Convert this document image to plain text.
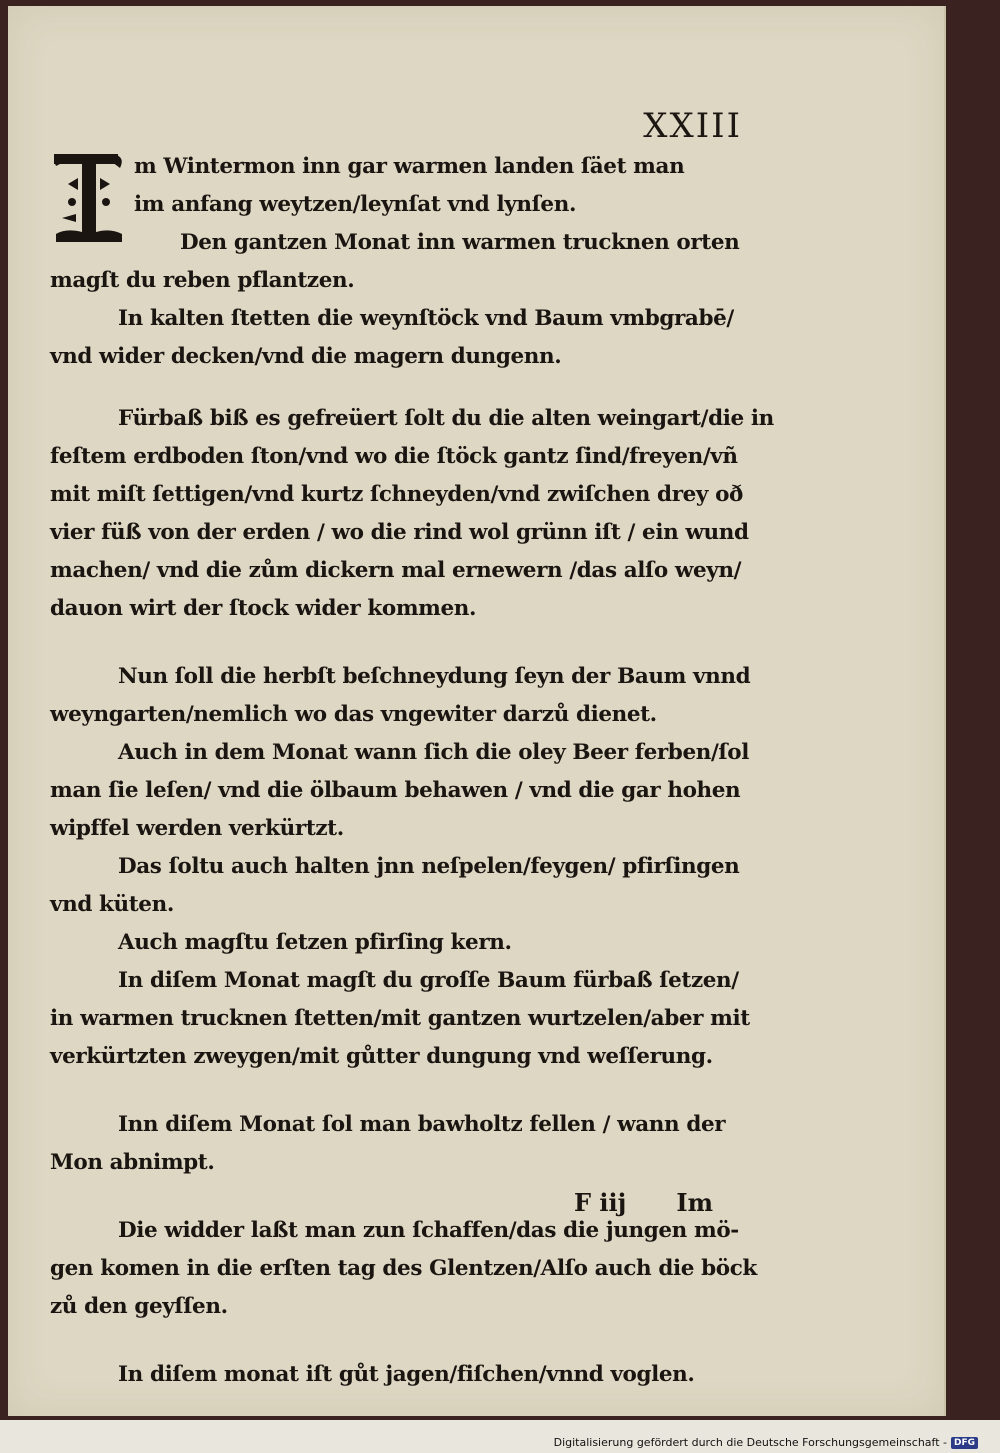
XXIII
m Wintermon inn gar warmen landen ſäet man
im anfang weytzen/leynſat vnd lynſen.
Den gantzen Monat inn warmen trucknen orten
magſt du reben pflantzen.
In kalten ſtetten die weynſtöck vnd Baum vmbgrabē/
vnd wider decken/vnd die magern dungenn.
Fürbaß biß es gefreüert ſolt du die alten weingart/die in
feſtem erdboden ſton/vnd wo die ſtöck gantz ſind/freyen/vñ
mit miſt ſettigen/vnd kurtz ſchneyden/vnd zwiſchen drey oð
vier füß von der erden / wo die rind wol grünn iſt / ein wund
machen/ vnd die zům dickern mal ernewern /das alſo weyn/
dauon wirt der ſtock wider kommen.
Nun ſoll die herbſt beſchneydung ſeyn der Baum vnnd
weyngarten/nemlich wo das vngewiter darzů dienet.
Auch in dem Monat wann ſich die oley Beer ferben/ſol
man ſie leſen/ vnd die ölbaum behawen / vnd die gar hohen
wipffel werden verkürtzt.
Das ſoltu auch halten jnn neſpelen/feygen/ pfirſingen
vnd küten.
Auch magſtu ſetzen pfirſing kern.
In diſem Monat magſt du groſſe Baum fürbaß ſetzen/
in warmen trucknen ſtetten/mit gantzen wurtzelen/aber mit
verkürtzten zweygen/mit gůtter dungung vnd weſſerung.
Inn diſem Monat ſol man bawholtz fellen / wann der
Mon abnimpt.
Die widder laßt man zun ſchaffen/das die jungen mö-
gen komen in die erſten tag des Glentzen/Alſo auch die böck
zů den geyſſen.
In diſem monat iſt gůt jagen/fiſchen/vnnd voglen.
F iij Im
Digitalisierung gefördert durch die Deutsche Forschungsgemeinschaft - DFG
